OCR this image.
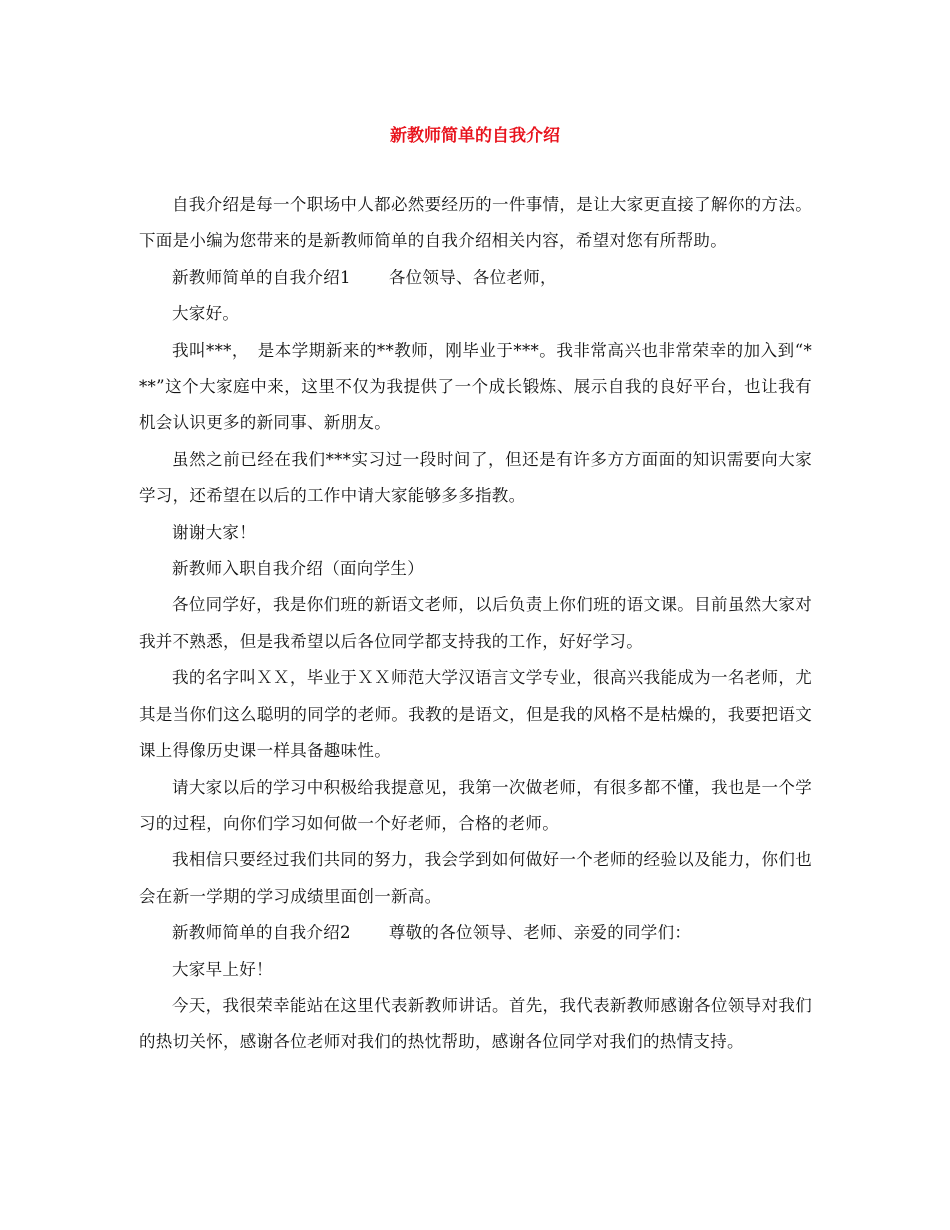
新教师简单的自我介绍

自我介绍是每一个职场中人都必然要经历的一件事情，是让大家更直接了解你的方法。下面是小编为您带来的是新教师简单的自我介绍相关内容，希望对您有所帮助。

新教师简单的自我介绍1 各位领导、各位老师，

大家好。

我叫***，　是本学期新来的**教师，刚毕业于***。我非常高兴也非常荣幸的加入到“***”这个大家庭中来，这里不仅为我提供了一个成长锻炼、展示自我的良好平台，也让我有机会认识更多的新同事、新朋友。

虽然之前已经在我们***实习过一段时间了，但还是有许多方方面面的知识需要向大家学习，还希望在以后的工作中请大家能够多多指教。

谢谢大家！

新教师入职自我介绍（面向学生）

各位同学好，我是你们班的新语文老师，以后负责上你们班的语文课。目前虽然大家对我并不熟悉，但是我希望以后各位同学都支持我的工作，好好学习。

我的名字叫ＸＸ，毕业于ＸＸ师范大学汉语言文学专业，很高兴我能成为一名老师，尤其是当你们这么聪明的同学的老师。我教的是语文，但是我的风格不是枯燥的，我要把语文课上得像历史课一样具备趣味性。

请大家以后的学习中积极给我提意见，我第一次做老师，有很多都不懂，我也是一个学习的过程，向你们学习如何做一个好老师，合格的老师。

我相信只要经过我们共同的努力，我会学到如何做好一个老师的经验以及能力，你们也会在新一学期的学习成绩里面创一新高。

新教师简单的自我介绍2 尊敬的各位领导、老师、亲爱的同学们：

大家早上好！

今天，我很荣幸能站在这里代表新教师讲话。首先，我代表新教师感谢各位领导对我们的热切关怀，感谢各位老师对我们的热忱帮助，感谢各位同学对我们的热情支持。
